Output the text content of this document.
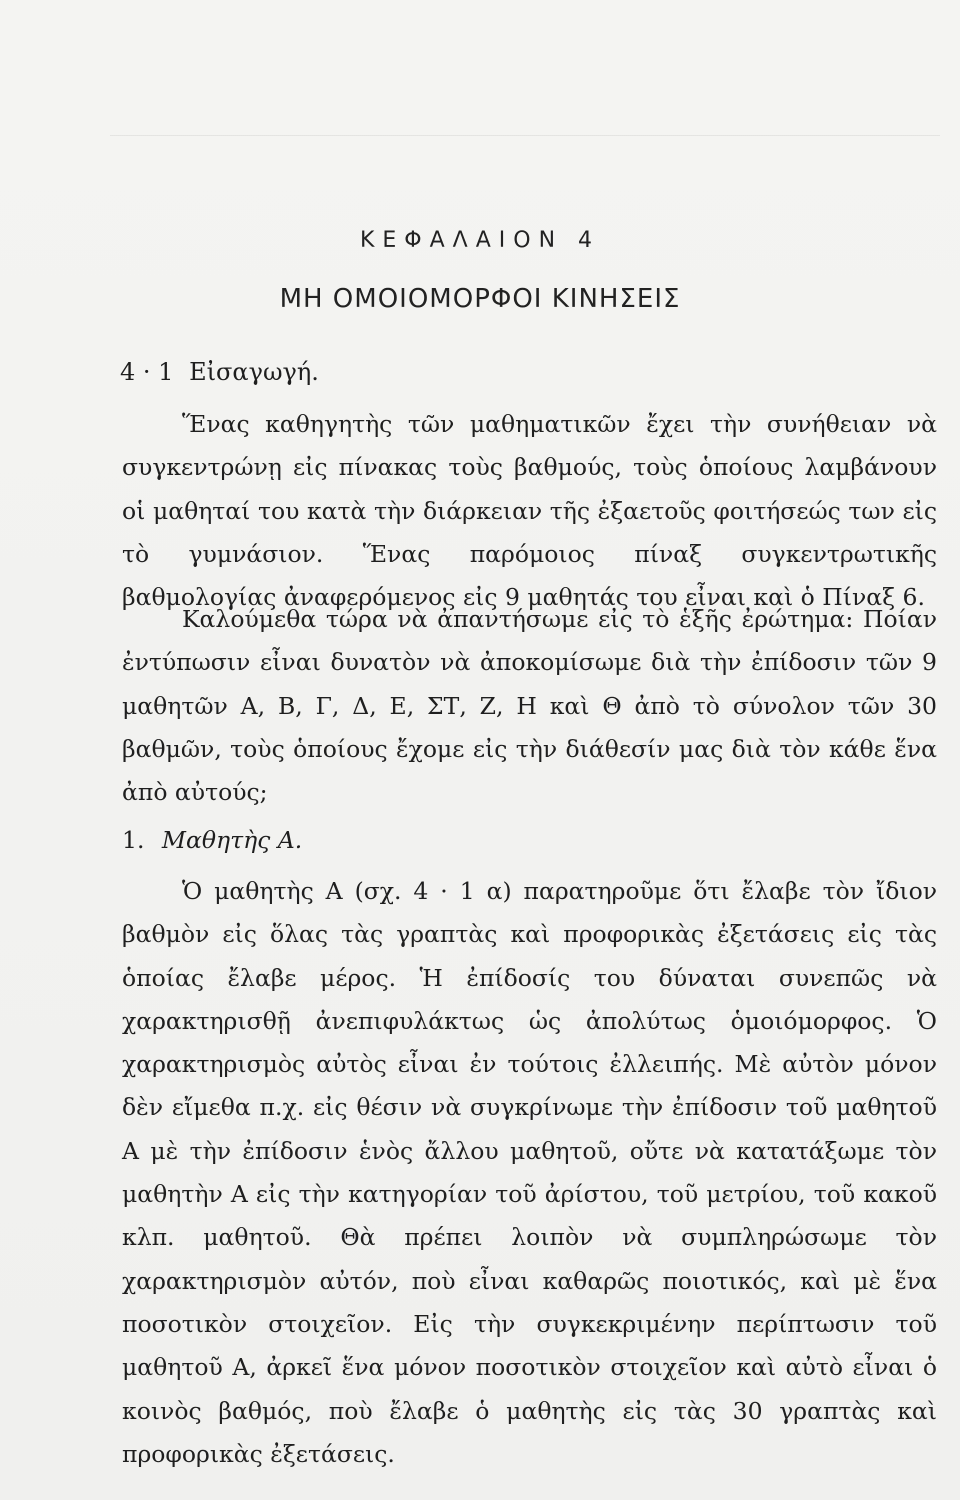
ΚΕΦΑΛΑΙΟΝ 4
ΜΗ ΟΜΟΙΟΜΟΡΦΟΙ ΚΙΝΗΣΕΙΣ
4 · 1 Εἰσαγωγή.

Ἕνας καθηγητὴς τῶν μαθηματικῶν ἔχει τὴν συνήθειαν νὰ συγκεντρώνῃ εἰς πίνακας τοὺς βαθμούς, τοὺς ὁποίους λαμβάνουν οἱ μαθηταί του κατὰ τὴν διάρκειαν τῆς ἐξαετοῦς φοιτήσεώς των εἰς τὸ γυμνάσιον. Ἕνας παρόμοιος πίναξ συγκεντρωτικῆς βαθμολογίας ἀναφερόμενος εἰς 9 μαθητάς του εἶναι καὶ ὁ Πίναξ 6.

Καλούμεθα τώρα νὰ ἀπαντήσωμε εἰς τὸ ἑξῆς ἐρώτημα: Ποίαν ἐντύπωσιν εἶναι δυνατὸν νὰ ἀποκομίσωμε διὰ τὴν ἐπίδοσιν τῶν 9 μαθητῶν Α, Β, Γ, Δ, Ε, ΣΤ, Ζ, Η καὶ Θ ἀπὸ τὸ σύνολον τῶν 30 βαθμῶν, τοὺς ὁποίους ἔχομε εἰς τὴν διάθεσίν μας διὰ τὸν κάθε ἕνα ἀπὸ αὐτούς;

1. Μαθητὴς Α.

Ὁ μαθητὴς Α (σχ. 4 · 1 α) παρατηροῦμε ὅτι ἔλαβε τὸν ἴδιον βαθμὸν εἰς ὅλας τὰς γραπτὰς καὶ προφορικὰς ἐξετάσεις εἰς τὰς ὁποίας ἔλαβε μέρος. Ἡ ἐπίδοσίς του δύναται συνεπῶς νὰ χαρακτηρισθῇ ἀνεπιφυλάκτως ὡς ἀπολύτως ὁμοιόμορφος. Ὁ χαρακτηρισμὸς αὐτὸς εἶναι ἐν τούτοις ἐλλειπής. Μὲ αὐτὸν μόνον δὲν εἴμεθα π.χ. εἰς θέσιν νὰ συγκρίνωμε τὴν ἐπίδοσιν τοῦ μαθητοῦ Α μὲ τὴν ἐπίδοσιν ἑνὸς ἄλλου μαθητοῦ, οὔτε νὰ κατατάξωμε τὸν μαθητὴν Α εἰς τὴν κατηγορίαν τοῦ ἀρίστου, τοῦ μετρίου, τοῦ κακοῦ κλπ. μαθητοῦ. Θὰ πρέπει λοιπὸν νὰ συμπληρώσωμε τὸν χαρακτηρισμὸν αὐτόν, ποὺ εἶναι καθαρῶς ποιοτικός, καὶ μὲ ἕνα ποσοτικὸν στοιχεῖον. Εἰς τὴν συγκεκριμένην περίπτωσιν τοῦ μαθητοῦ Α, ἀρκεῖ ἕνα μόνον ποσοτικὸν στοιχεῖον καὶ αὐτὸ εἶναι ὁ κοινὸς βαθμός, ποὺ ἔλαβε ὁ μαθητὴς εἰς τὰς 30 γραπτὰς καὶ προφορικὰς ἐξετάσεις.
